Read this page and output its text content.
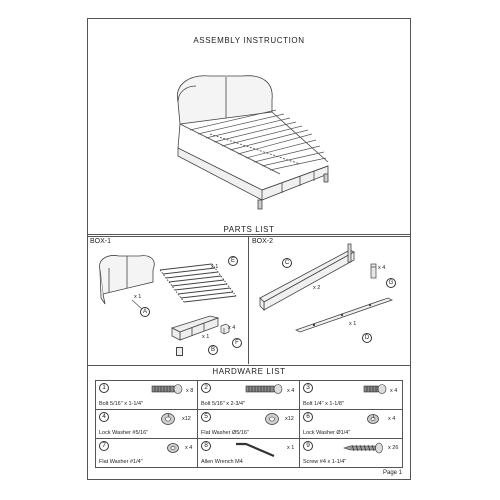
ASSEMBLY INSTRUCTION
PARTS LIST
BOX-1	BOX-2
x 1
A
x 1
E
x 1
B
x 4
F
C
x 2
x 4
G
x 1
D
HARDWARE LIST
1	x 8
Bolt 5/16" x 1-1/4"
2	x 4
Bolt 5/16" x 2-3/4"
3	x 4
Bolt 1/4" x 1-1/8"
4	x12
Lock Washer #5/16"
5	x12
Flat Washer Ø5/16"
6	x 4
Lock Washer Ø1/4"
7	x 4
Flat Washer #1/4"
8	x 1
Allen Wrench M4
9	x 26
Screw #4 x 1-1/4"
Page 1
